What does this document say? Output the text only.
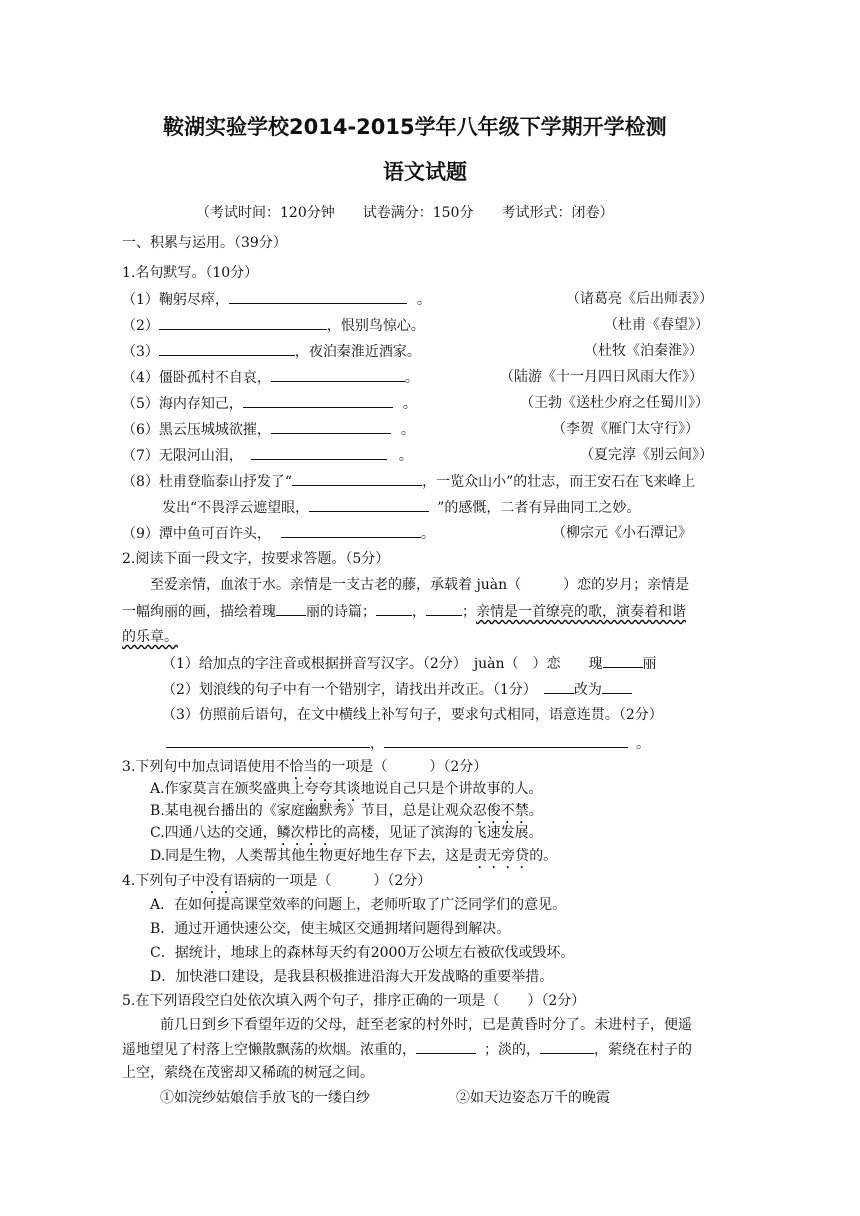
鞍湖实验学校2014-2015学年八年级下学期开学检测
语文试题
（考试时间：120分钟　　试卷满分：150分　　考试形式：闭卷）
一、积累与运用。（39分）
1.名句默写。（10分）
（1）鞠躬尽瘁，	。	（诸葛亮《后出师表》）
（2）	，恨别鸟惊心。	（杜甫《春望》）
（3）	，夜泊秦淮近酒家。	（杜牧《泊秦淮》）
（4）僵卧孤村不自哀，	。	（陆游《十一月四日风雨大作》）
（5）海内存知己，	。	（王勃《送杜少府之任蜀川》）
（6）黑云压城城欲摧，	。	（李贺《雁门太守行》）
（7）无限河山泪，	。	（夏完淳《别云间》）
（8）杜甫登临泰山抒发了“	，一览众山小”的壮志，而王安石在飞来峰上
发出“不畏浮云遮望眼，	”的感慨，二者有异曲同工之妙。
（9）潭中鱼可百许头，	。	（柳宗元《小石潭记》
2.阅读下面一段文字，按要求答题。（5分）
至爱亲情，血浓于水。亲情是一支古老的藤，承载着 juàn（　　　）恋的岁月；亲情是
一幅绚丽的画，描绘着瑰 丽的诗篇；	，	；亲情是一首缭亮的歌，演奏着和谐
的乐章。
（1）给加点的字注音或根据拼音写汉字。（2分）　juàn（　）恋　　瑰	丽
（2）划浪线的句子中有一个错别字，请找出并改正。（1分）　改为
（3）仿照前后语句，在文中横线上补写句子，要求句式相同，语意连贯。（2分）
，	。
3.下列句中加点词语使用不恰当的一项是（　　　）（2分）
A.作家莫言在颁奖盛典上夸夸其谈地说自己只是个讲故事的人。
B.某电视台播出的《家庭幽默秀》节目，总是让观众忍俊不禁。
C.四通八达的交通，鳞次栉比的高楼，见证了滨海的飞速发展。
D.同是生物，人类帮其他生物更好地生存下去，这是责无旁贷的。
4.下列句子中没有语病的一项是（　　　）（2分）
A．在如何提高课堂效率的问题上，老师听取了广泛同学们的意见。
B．通过开通快速公交，使主城区交通拥堵问题得到解决。
C．据统计，地球上的森林每天约有2000万公顷左右被砍伐或毁坏。
D．加快港口建设，是我县积极推进沿海大开发战略的重要举措。
5.在下列语段空白处依次填入两个句子，排序正确的一项是（　　）（2分）
前几日到乡下看望年迈的父母，赶至老家的村外时，已是黄昏时分了。未进村子，便遥
遥地望见了村落上空懒散飘荡的炊烟。浓重的，	；淡的，	，萦绕在村子的
上空，萦绕在茂密却又稀疏的树冠之间。
①如浣纱姑娘信手放飞的一缕白纱	②如天边姿态万千的晚霞
